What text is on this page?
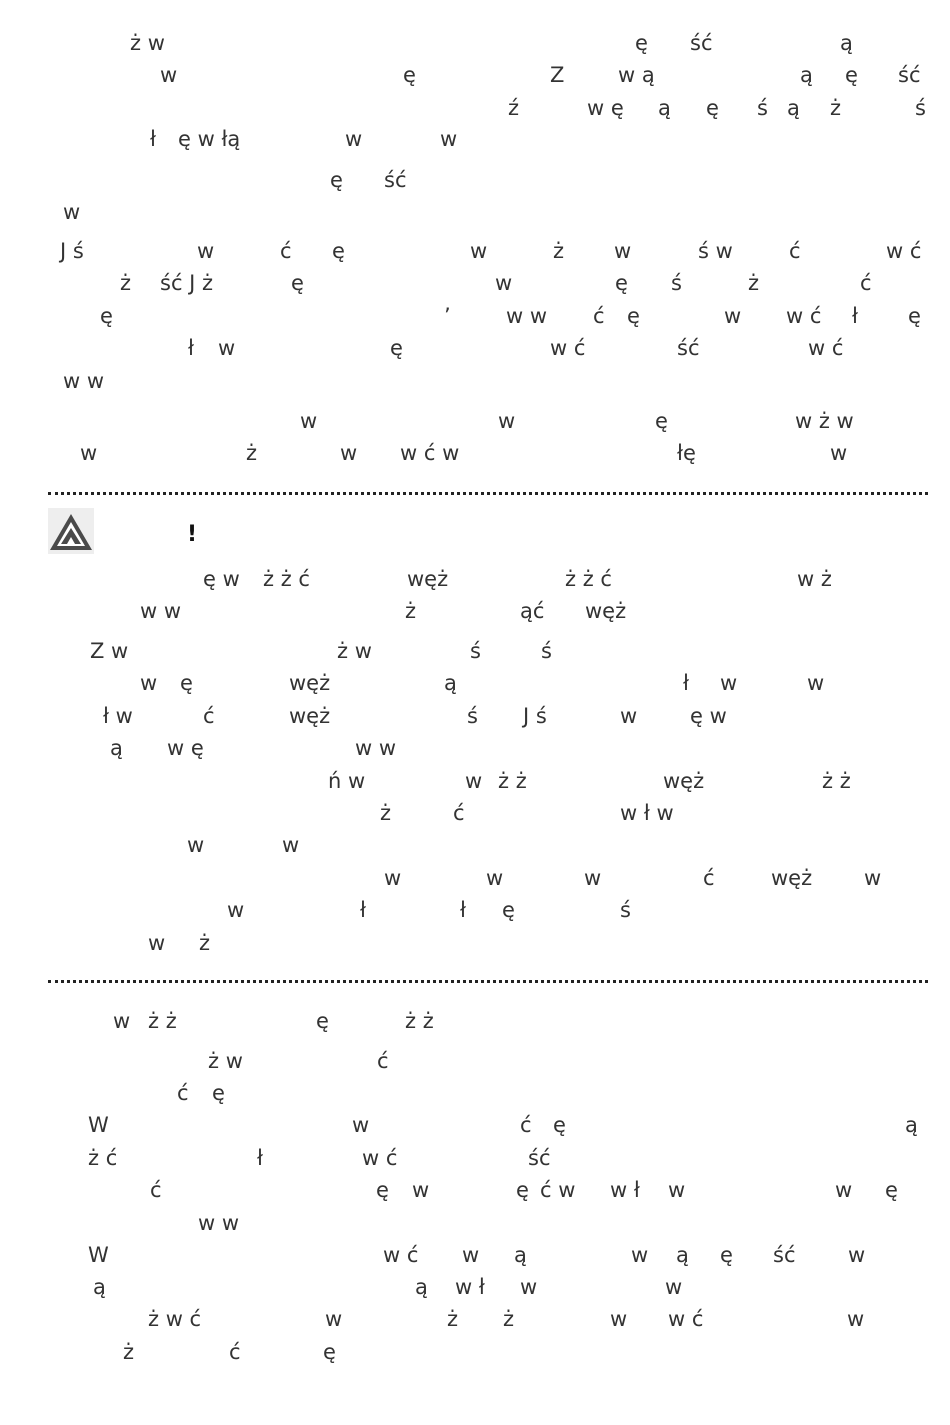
!
ż w	ę ść	ą
w	ę	Z	w ą	ą ę ść
ź	w ę ą ę ś ą ż	ś
ł ę w łą	w	w
ę ść
w
J ś	w	ć ę	w	ż w	ś w	ć	w ć
ż ść J ż	ę	w	ę ś	ż	ć
ę	’	w w ć ę	w w ć ł ę
ł w	ę	w ć	ść	w ć
w w
w	w	ę	w ż w
w	ż	w w ć w	łę	w
ę w ż ż ć	węż	ż ż ć	w ż
w w	ż	ąć węż
Z w	ż w	ś	ś
w ę	węż	ą	ł w	w
ł w	ć	węż	ś J ś	w	ę w
ą w ę	w w
ń w	w ż ż	węż	ż ż
ż	ć	w ł w
w	w
w	w	w	ć	węż w
w	ł	ł ę	ś
w ż
w ż ż	ę	ż ż
ż w	ć
ć ę
W	w	ć ę	ą
ż ć	ł	w ć	ść
ć	ę w	ę ć w w ł w	w ę
w w
W	w ć w ą	w ą ę ść	w
ą	ą w ł w	w
ż w ć	w	ż ż	w w ć	w
ż	ć	ę
